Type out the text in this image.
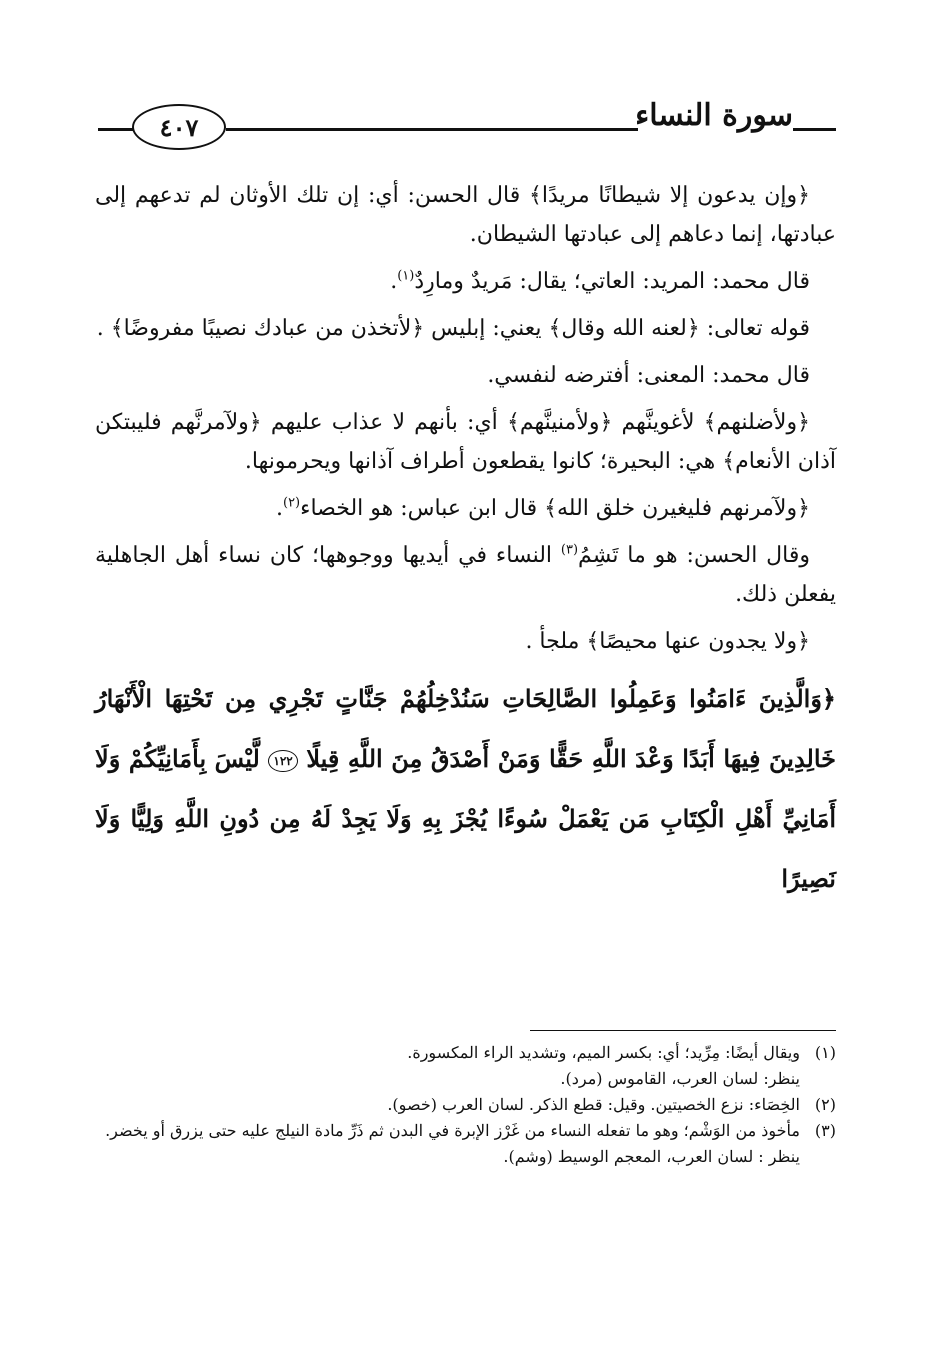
٤٠٧	سورة النساء

﴿وإن يدعون إلا شيطانًا مريدًا﴾ قال الحسن: أي: إن تلك الأوثان لم تدعهم إلى عبادتها، إنما دعاهم إلى عبادتها الشيطان.

قال محمد: المريد: العاتي؛ يقال: مَريدٌ ومارِدٌ$^{(١)}$.

قوله تعالى: ﴿لعنه الله وقال﴾ يعني: إبليس ﴿لأتخذن من عبادك نصيبًا مفروضًا﴾ .

قال محمد: المعنى: أفترضه لنفسي.

﴿ولأضلنهم﴾ لأغوينَّهم ﴿ولأمنينَّهم﴾ أي: بأنهم لا عذاب عليهم ﴿ولآمرنَّهم فليبتكن آذان الأنعام﴾ هي: البحيرة؛ كانوا يقطعون أطراف آذانها ويحرمونها.

﴿ولآمرنهم فليغيرن خلق الله﴾ قال ابن عباس: هو الخصاء$^{(٢)}$.

وقال الحسن: هو ما تَشِمُ$^{(٣)}$ النساء في أيديها ووجوهها؛ كان نساء أهل الجاهلية يفعلن ذلك.

﴿ولا يجدون عنها محيصًا﴾ ملجأ .

﴿وَالَّذِينَ ءَامَنُوا وَعَمِلُوا الصَّالِحَاتِ سَنُدْخِلُهُمْ جَنَّاتٍ تَجْرِي مِن تَحْتِهَا الْأَنْهَارُ خَالِدِينَ فِيهَا أَبَدًا وَعْدَ اللَّهِ حَقًّا وَمَنْ أَصْدَقُ مِنَ اللَّهِ قِيلًا ١٢٢ لَّيْسَ بِأَمَانِيِّكُمْ وَلَا أَمَانِيِّ أَهْلِ الْكِتَابِ مَن يَعْمَلْ سُوءًا يُجْزَ بِهِ وَلَا يَجِدْ لَهُ مِن دُونِ اللَّهِ وَلِيًّا وَلَا نَصِيرًا

(١)
ويقال أيضًا: مِرِّيد؛ أي: بكسر الميم، وتشديد الراء المكسورة.
ينظر: لسان العرب، القاموس (مرد).
(٢)
الخِصَاء: نزع الخصيتين. وقيل: قطع الذكر. لسان العرب (خصو).
(٣)
مأخوذ من الوَشْم؛ وهو ما تفعله النساء من غَرْز الإبرة في البدن ثم ذَرِّ مادة النيلج عليه حتى يزرق أو يخضر. ينظر : لسان العرب، المعجم الوسيط (وشم).
